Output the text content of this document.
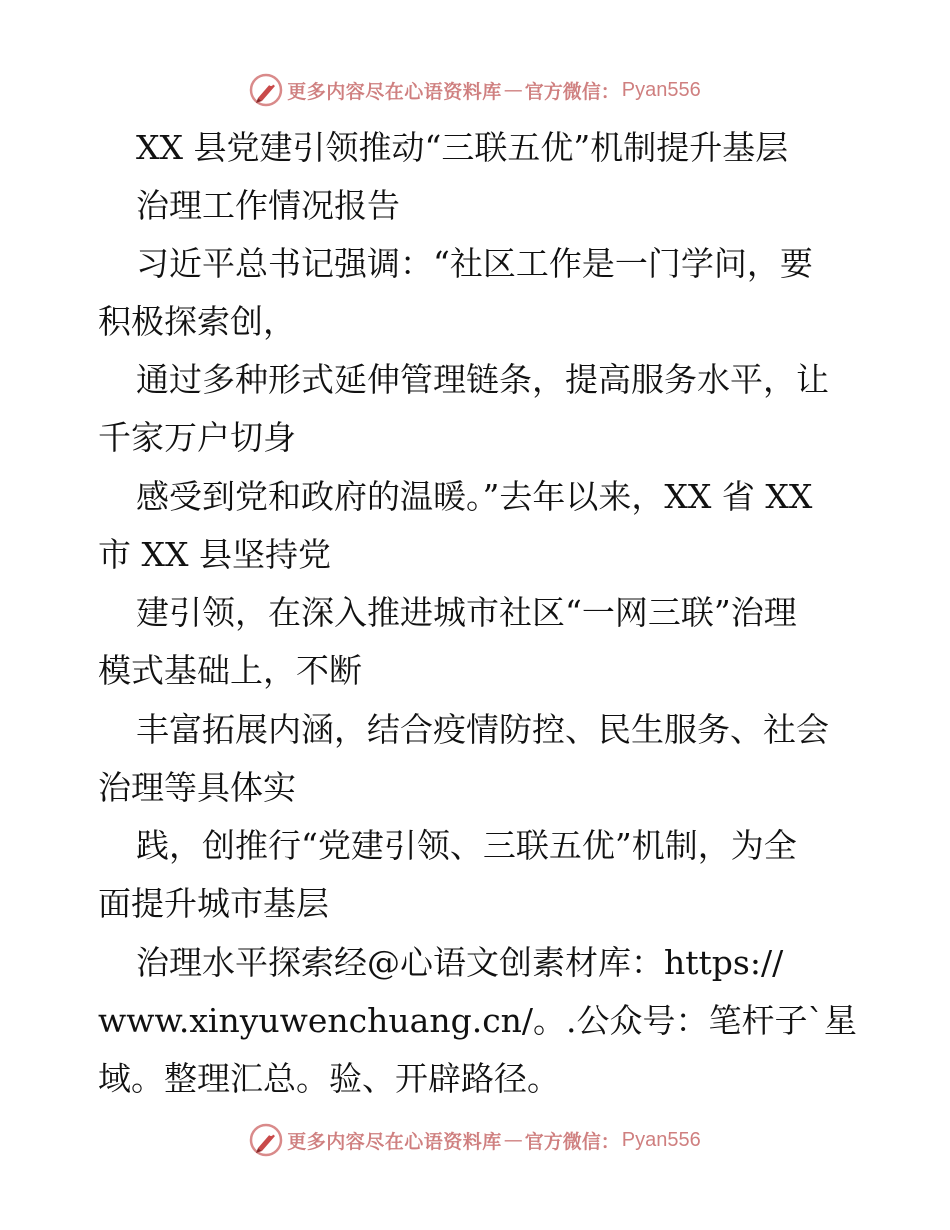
更多内容尽在心语资料库 — 官方微信： Pyan556
XX 县党建引领推动“三联五优”机制提升基层
治理工作情况报告
习近平总书记强调：“社区工作是一门学问，要
积极探索创，
通过多种形式延伸管理链条，提高服务水平，让
千家万户切身
感受到党和政府的温暖。”去年以来，XX 省 XX
市 XX 县坚持党
建引领，在深入推进城市社区“一网三联”治理
模式基础上，不断
丰富拓展内涵，结合疫情防控、民生服务、社会
治理等具体实
践，创推行“党建引领、三联五优”机制，为全
面提升城市基层
治理水平探索经@心语文创素材库：https://
www.xinyuwenchuang.cn/。.公众号：笔杆子`星
域。整理汇总。验、开辟路径。
更多内容尽在心语资料库 — 官方微信： Pyan556
